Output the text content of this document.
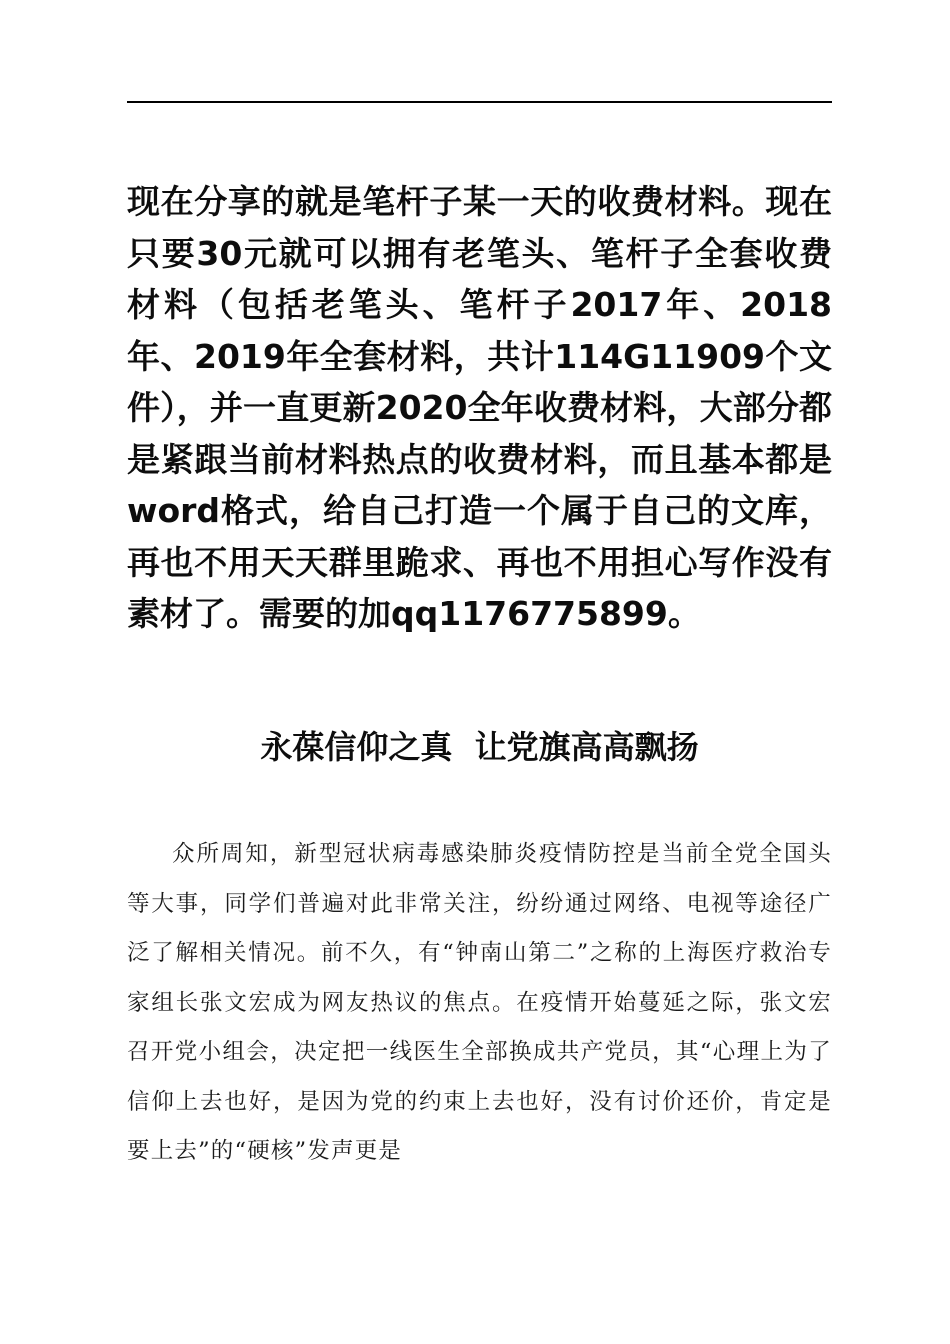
现在分享的就是笔杆子某一天的收费材料。现在只要30元就可以拥有老笔头、笔杆子全套收费材料（包括老笔头、笔杆子2017年、2018年、2019年全套材料，共计114G11909个文件），并一直更新2020全年收费材料，大部分都是紧跟当前材料热点的收费材料，而且基本都是word格式，给自己打造一个属于自己的文库，再也不用天天群里跪求、再也不用担心写作没有素材了。需要的加qq1176775899。

永葆信仰之真  让党旗高高飘扬

众所周知，新型冠状病毒感染肺炎疫情防控是当前全党全国头等大事，同学们普遍对此非常关注，纷纷通过网络、电视等途径广泛了解相关情况。前不久，有“钟南山第二”之称的上海医疗救治专家组长张文宏成为网友热议的焦点。在疫情开始蔓延之际，张文宏召开党小组会，决定把一线医生全部换成共产党员，其“心理上为了信仰上去也好，是因为党的约束上去也好，没有讨价还价，肯定是要上去”的“硬核”发声更是
